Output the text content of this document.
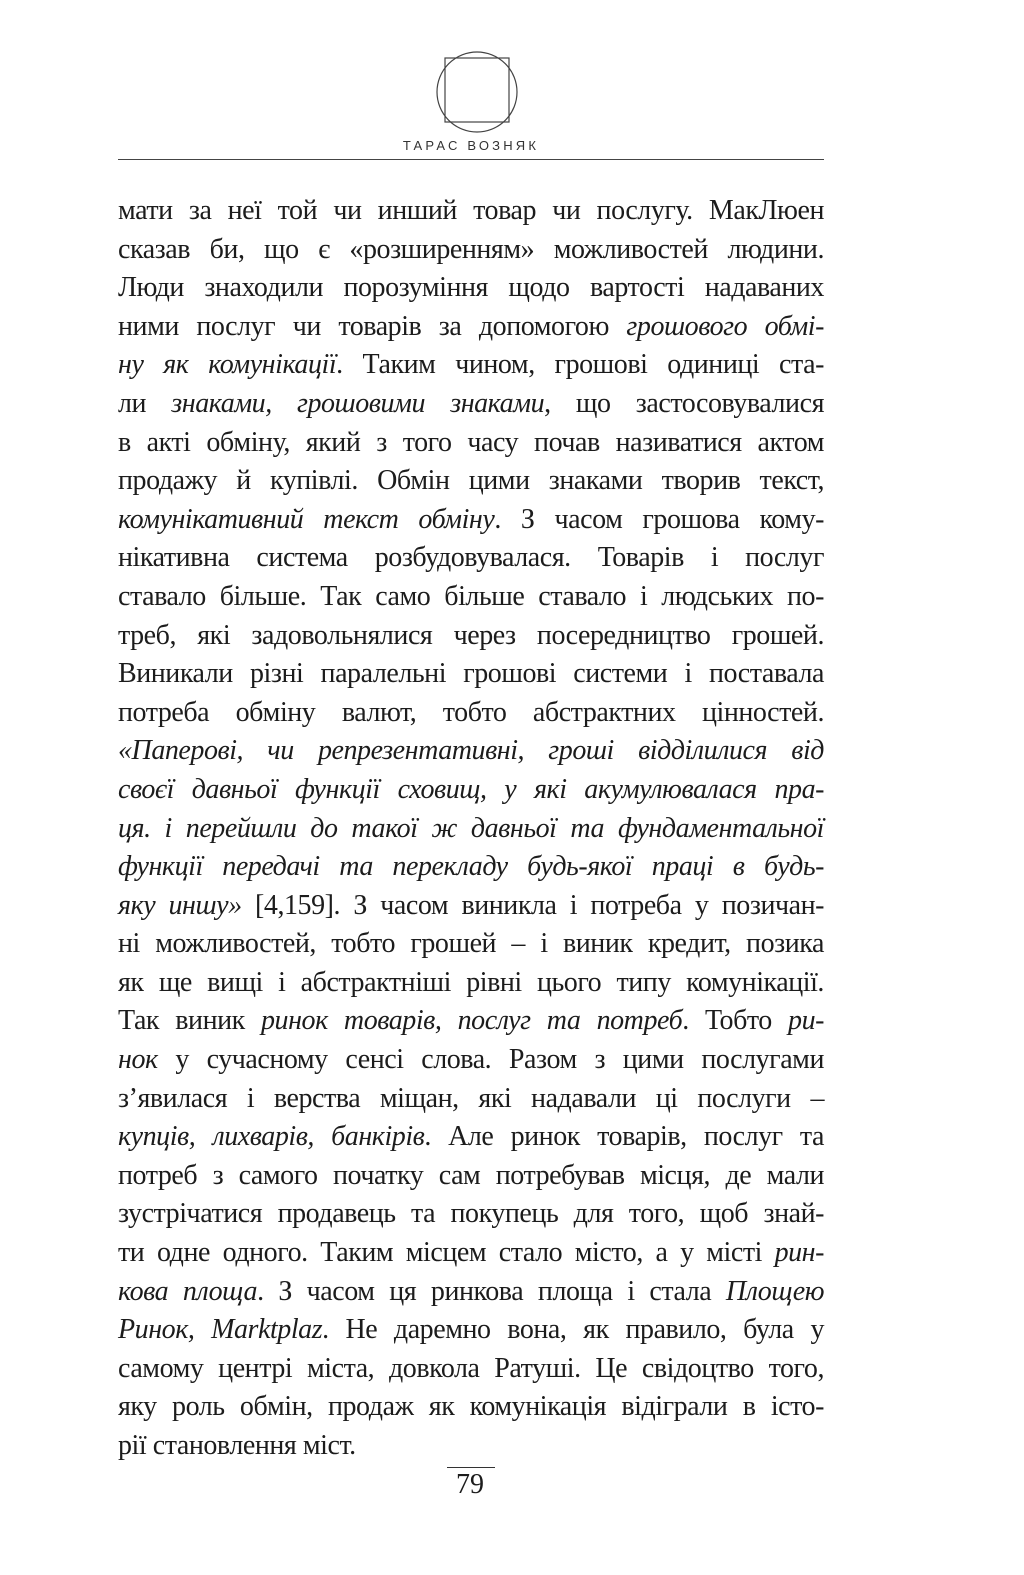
ТАРАС ВОЗНЯК
мати за неї той чи инший товар чи послугу. МакЛюен
сказав би, що є «розширенням» можливостей людини.
Люди знаходили порозуміння щодо вартості надаваних
ними послуг чи товарів за допомогою грошового обмі-
ну як комунікації. Таким чином, грошові одиниці ста-
ли знаками, грошовими знаками, що застосовувалися
в акті обміну, який з того часу почав називатися актом
продажу й купівлі. Обмін цими знаками творив текст,
комунікативний текст обміну. З часом грошова кому-
нікативна система розбудовувалася. Товарів і послуг
ставало більше. Так само більше ставало і людських по-
треб, які задовольнялися через посередництво грошей.
Виникали різні паралельні грошові системи і поставала
потреба обміну валют, тобто абстрактних цінностей.
«Паперові, чи репрезентативні, гроші відділилися від
своєї давньої функції сховищ, у які акумулювалася пра-
ця. і перейшли до такої ж давньої та фундаментальної
функції передачі та перекладу будь-якої праці в будь-
яку иншу» [4,159]. З часом виникла і потреба у позичан-
ні можливостей, тобто грошей – і виник кредит, позика
як ще вищі і абстрактніші рівні цього типу комунікації.
Так виник ринок товарів, послуг та потреб. Тобто ри-
нок у сучасному сенсі слова. Разом з цими послугами
з’явилася і верства міщан, які надавали ці послуги –
купців, лихварів, банкірів. Але ринок товарів, послуг та
потреб з самого початку сам потребував місця, де мали
зустрічатися продавець та покупець для того, щоб знай-
ти одне одного. Таким місцем стало місто, а у місті рин-
кова площа. З часом ця ринкова площа і стала Площею
Ринок, Marktplaz. Не даремно вона, як правило, була у
самому центрі міста, довкола Ратуші. Це свідоцтво того,
яку роль обмін, продаж як комунікація відіграли в істо-
рії становлення міст.
79
